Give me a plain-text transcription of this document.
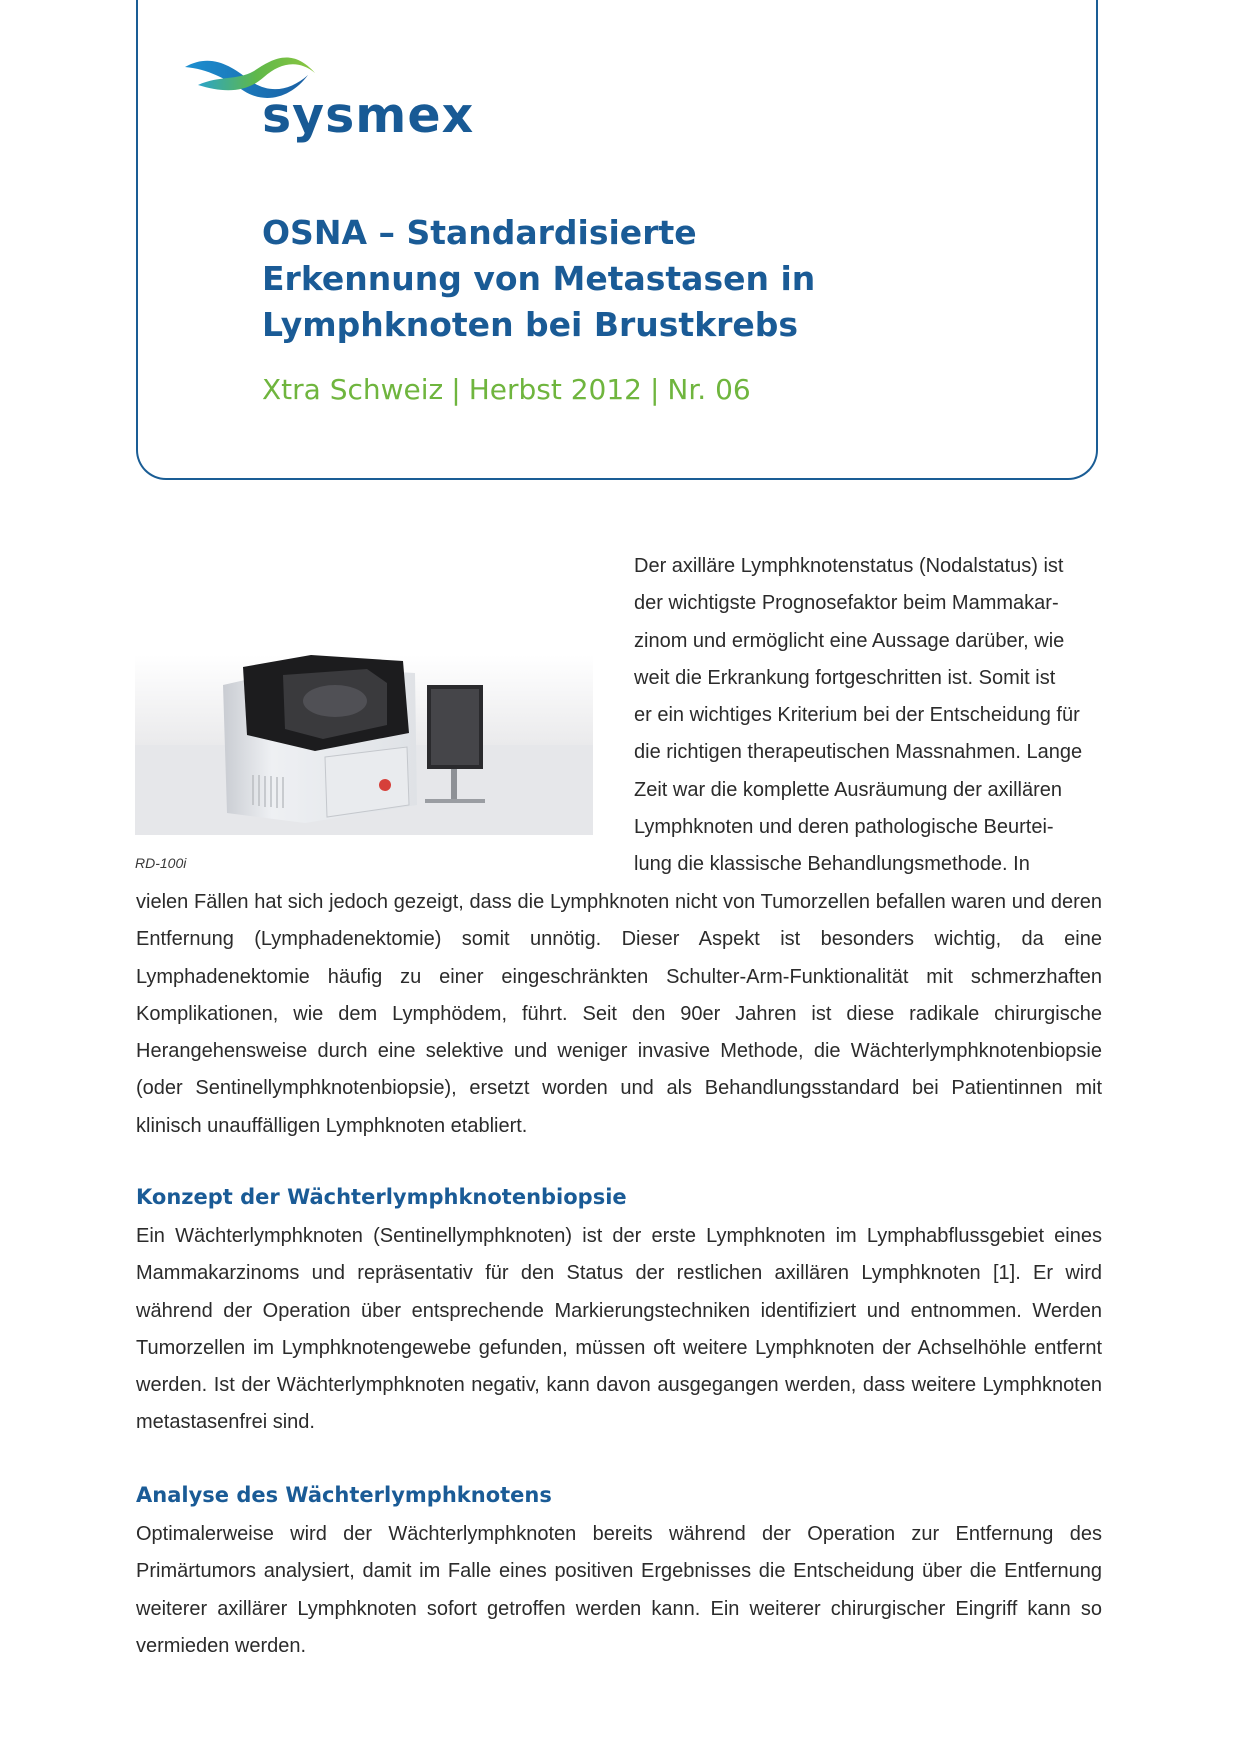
sysmex
OSNA – Standardisierte
Erkennung von Metastasen in
Lymphknoten bei Brustkrebs

Xtra Schweiz | Herbst 2012 | Nr. 06

RD-100i
Der axilläre Lymphknotenstatus (Nodalstatus) ist
der wichtigste Prognosefaktor beim Mammakar-
zinom und ermöglicht eine Aussage darüber, wie
weit die Erkrankung fortgeschritten ist. Somit ist
er ein wichtiges Kriterium bei der Entscheidung für
die richtigen therapeutischen Massnahmen. Lange
Zeit war die komplette Ausräumung der axillären
Lymphknoten und deren pathologische Beurtei-
lung die klassische Behandlungsmethode. In

vielen Fällen hat sich jedoch gezeigt, dass die Lymphknoten nicht von Tumorzellen befallen waren und deren Entfernung (Lymphadenektomie) somit unnötig. Dieser Aspekt ist besonders wichtig, da eine Lymphadenektomie häufig zu einer eingeschränkten Schulter-Arm-Funktionalität mit schmerzhaften Komplikationen, wie dem Lymphödem, führt. Seit den 90er Jahren ist diese radikale chirurgische Herangehensweise durch eine selektive und weniger invasive Methode, die Wächterlymphknotenbiopsie (oder Sentinellymphknotenbiopsie), ersetzt worden und als Behandlungsstandard bei Patientinnen mit klinisch unauffälligen Lymphknoten etabliert.

Konzept der Wächterlymphknotenbiopsie

Ein Wächterlymphknoten (Sentinellymphknoten) ist der erste Lymphknoten im Lymphabflussgebiet eines Mammakarzinoms und repräsentativ für den Status der restlichen axillären Lymphknoten [1]. Er wird während der Operation über entsprechende Markierungstechniken identifiziert und entnommen. Werden Tumorzellen im Lymphknotengewebe gefunden, müssen oft weitere Lymphknoten der Achselhöhle entfernt werden. Ist der Wächterlymphknoten negativ, kann davon ausgegangen werden, dass weitere Lymphknoten metastasenfrei sind.

Analyse des Wächterlymphknotens

Optimalerweise wird der Wächterlymphknoten bereits während der Operation zur Entfernung des Primärtumors analysiert, damit im Falle eines positiven Ergebnisses die Entscheidung über die Entfernung weiterer axillärer Lymphknoten sofort getroffen werden kann. Ein weiterer chirurgischer Eingriff kann so vermieden werden.
